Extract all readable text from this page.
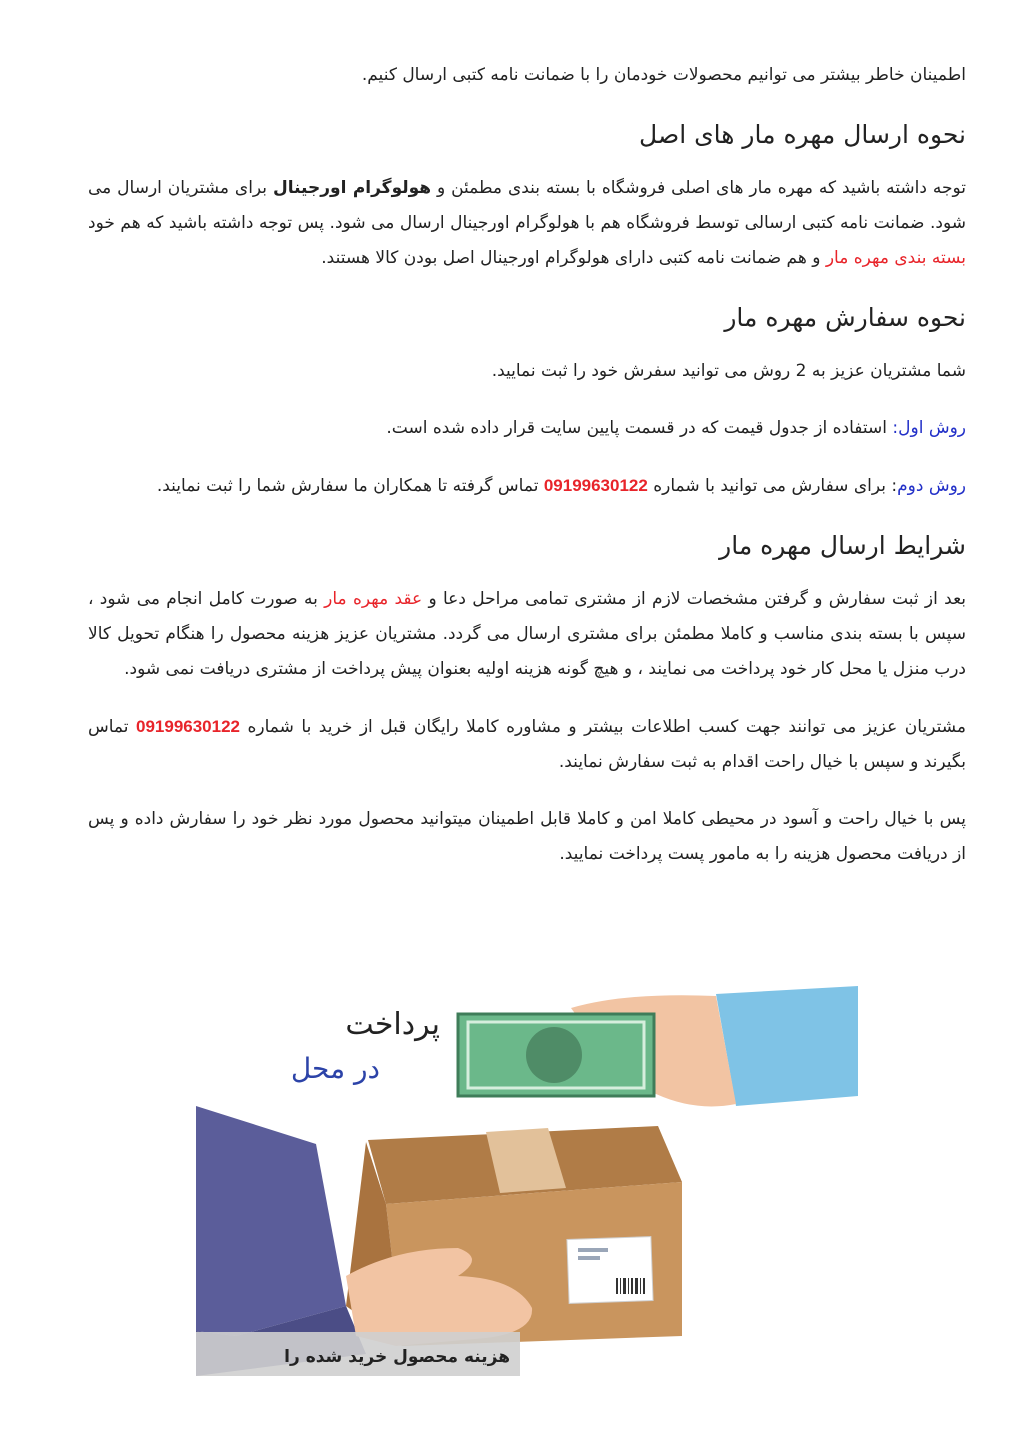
اطمینان خاطر بیشتر می توانیم محصولات خودمان را با ضمانت نامه کتبی ارسال کنیم.

نحوه ارسال مهره مار های اصل

توجه داشته باشید که مهره مار های اصلی فروشگاه با بسته بندی مطمئن و هولوگرام اورجینال برای مشتریان ارسال می شود. ضمانت نامه کتبی ارسالی توسط فروشگاه هم با هولوگرام اورجینال ارسال می شود. پس توجه داشته باشید که هم خود بسته بندی مهره مار و هم ضمانت نامه کتبی دارای هولوگرام اورجینال اصل بودن کالا هستند.

نحوه سفارش مهره مار

شما مشتریان عزیز به 2 روش می توانید سفرش خود را ثبت نمایید.

روش اول: استفاده از جدول قیمت که در قسمت پایین سایت قرار داده شده است.

روش دوم: برای سفارش می توانید با شماره 09199630122 تماس گرفته تا همکاران ما سفارش شما را ثبت نمایند.

شرایط ارسال مهره مار

بعد از ثبت سفارش و گرفتن مشخصات لازم از مشتری تمامی مراحل دعا و عقد مهره مار به صورت کامل انجام می شود ، سپس با بسته بندی مناسب و کاملا مطمئن برای مشتری ارسال می گردد. مشتریان عزیز هزینه محصول را هنگام تحویل کالا درب منزل یا محل کار خود پرداخت می نمایند ، و هیچ گونه هزینه اولیه بعنوان پیش پرداخت از مشتری دریافت نمی شود.

مشتریان عزیز می توانند جهت کسب اطلاعات بیشتر و مشاوره کاملا رایگان قبل از خرید با شماره 09199630122 تماس بگیرند و سپس با خیال راحت اقدام به ثبت سفارش نمایند.

پس با خیال راحت و آسود در محیطی کاملا امن و کاملا قابل اطمینان میتوانید محصول مورد نظر خود را سفارش داده و پس از دریافت محصول هزینه را به مامور پست پرداخت نمایید.

هزینه محصول خرید شده را
پرداخت
در محل
